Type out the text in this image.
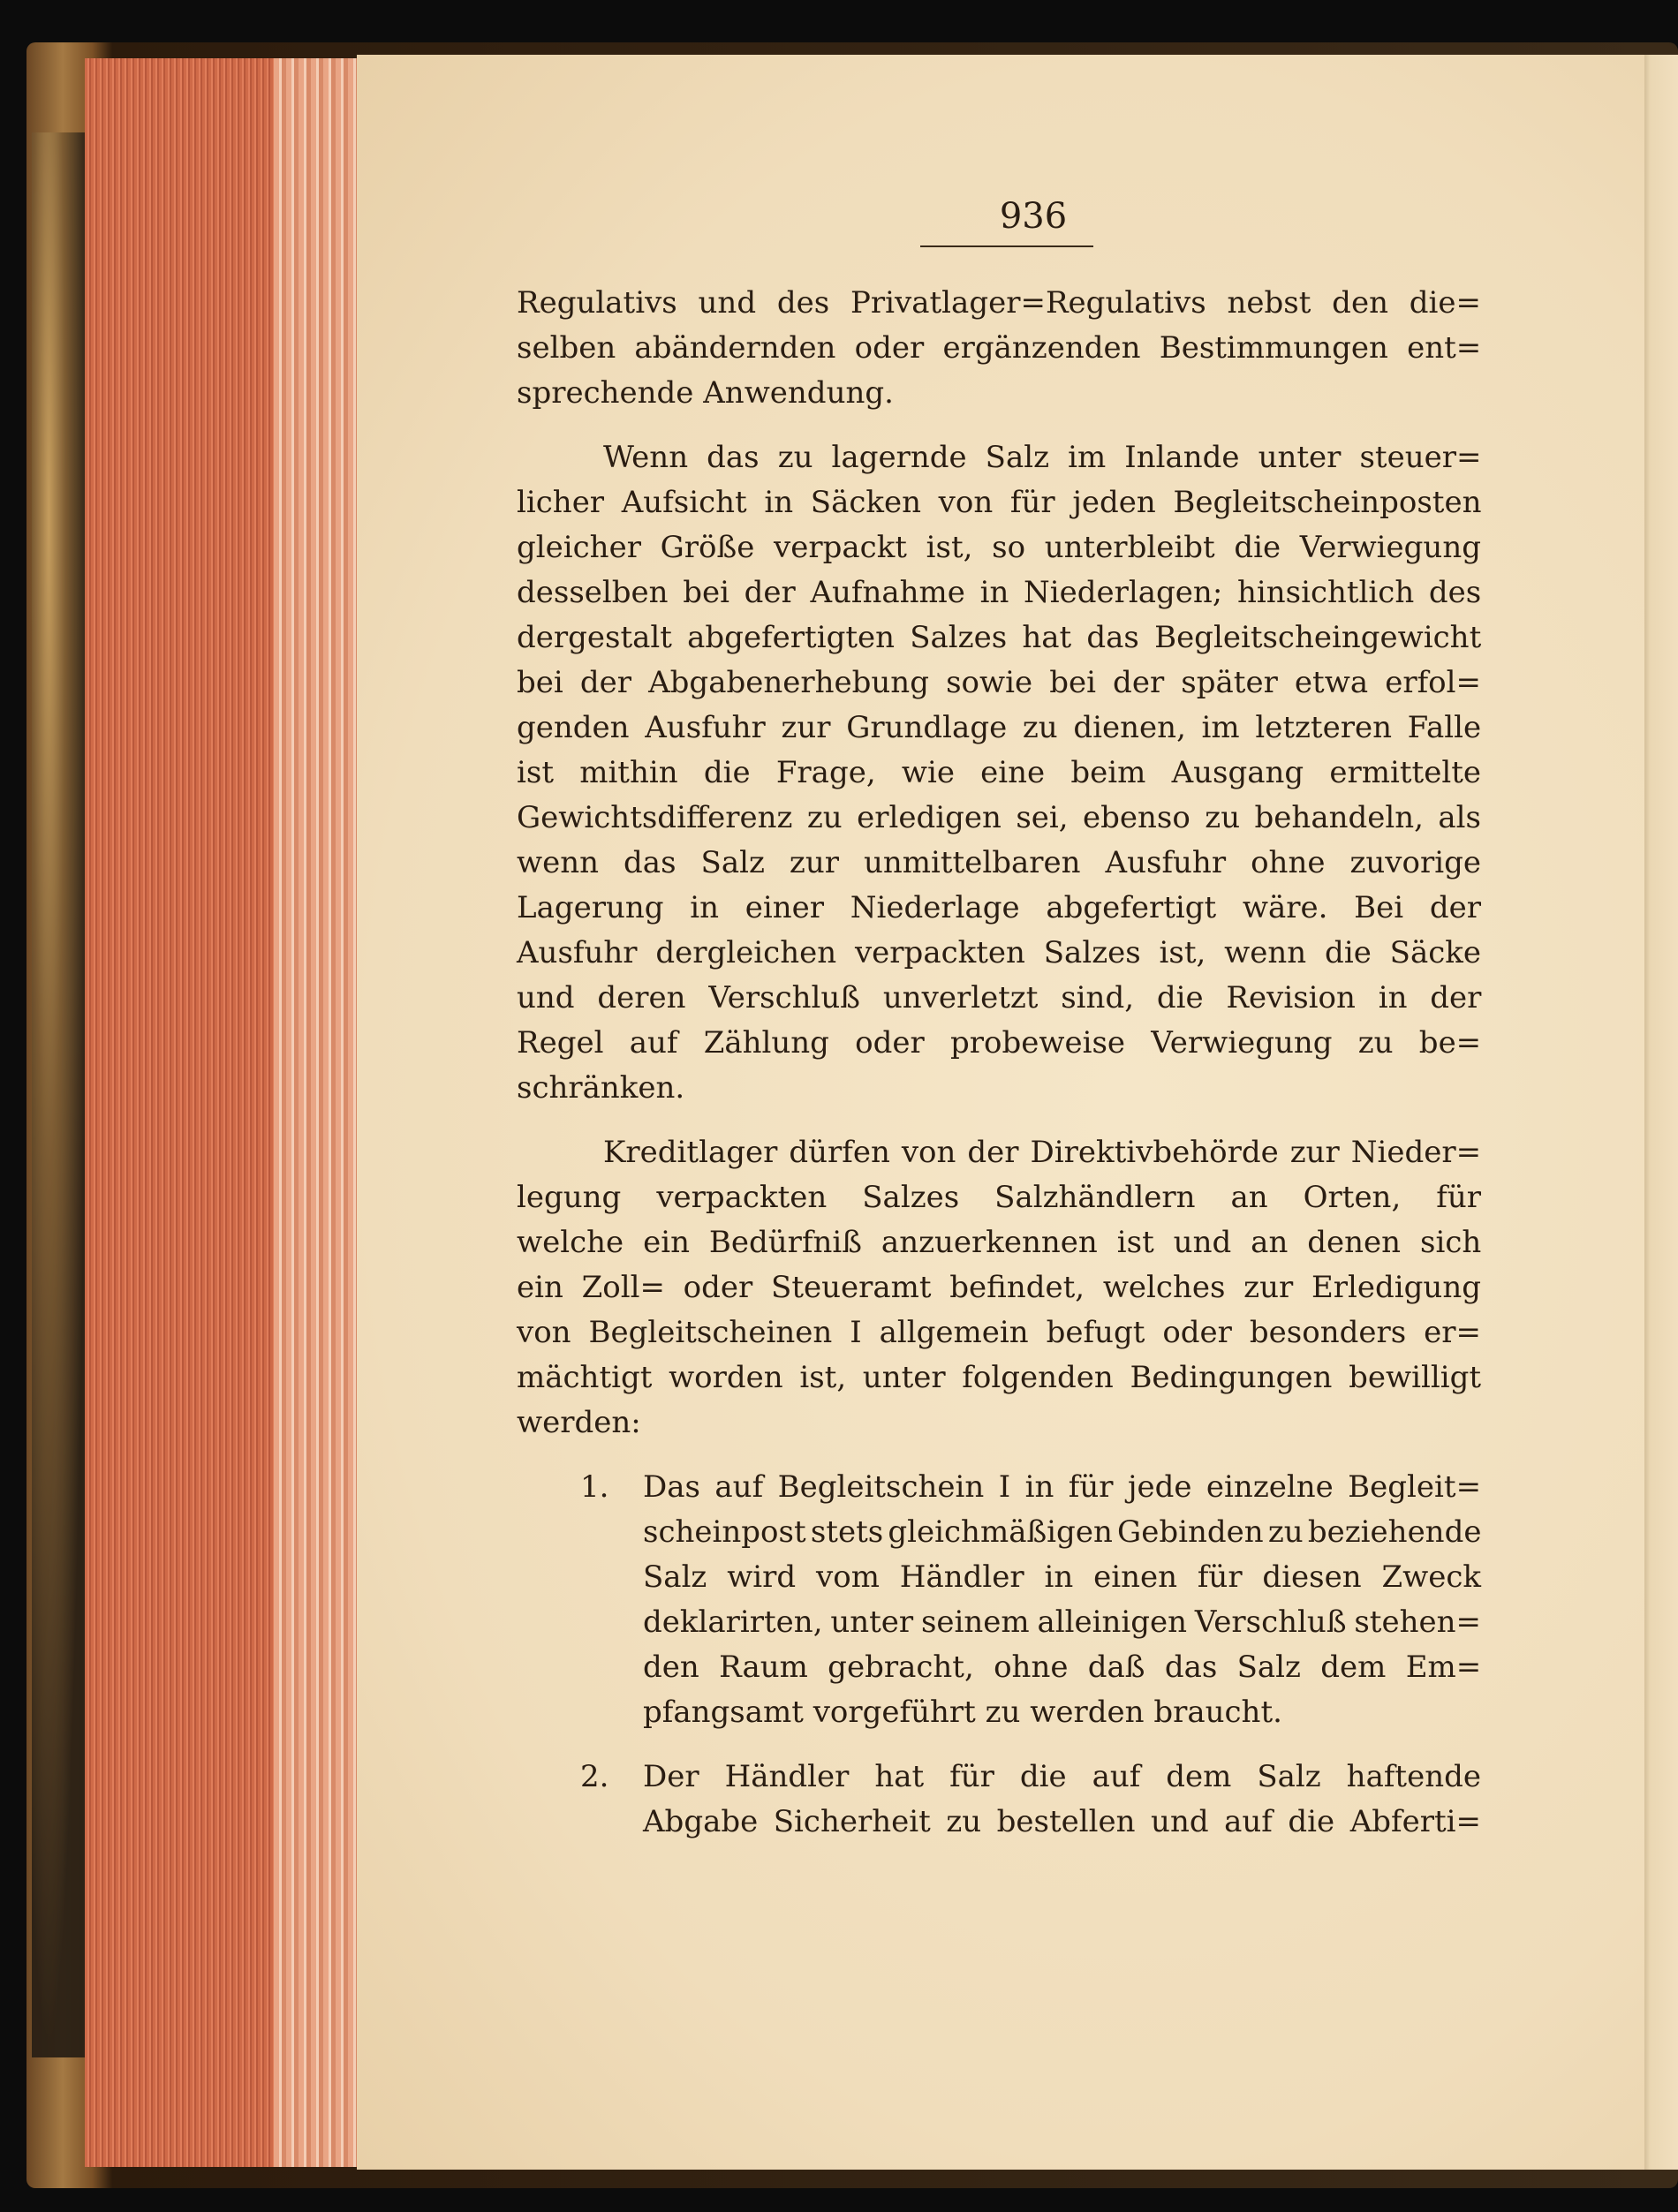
936

Regulativs und des Privatlager=Regulativs nebst den die=
selben abändernden oder ergänzenden Bestimmungen ent=
sprechende Anwendung.

Wenn das zu lagernde Salz im Inlande unter steuer=
licher Aufsicht in Säcken von für jeden Begleitscheinposten
gleicher Größe verpackt ist, so unterbleibt die Verwiegung
desselben bei der Aufnahme in Niederlagen; hinsichtlich des
dergestalt abgefertigten Salzes hat das Begleitscheingewicht
bei der Abgabenerhebung sowie bei der später etwa erfol=
genden Ausfuhr zur Grundlage zu dienen, im letzteren Falle
ist mithin die Frage, wie eine beim Ausgang ermittelte
Gewichtsdifferenz zu erledigen sei, ebenso zu behandeln, als
wenn das Salz zur unmittelbaren Ausfuhr ohne zuvorige
Lagerung in einer Niederlage abgefertigt wäre. Bei der
Ausfuhr dergleichen verpackten Salzes ist, wenn die Säcke
und deren Verschluß unverletzt sind, die Revision in der
Regel auf Zählung oder probeweise Verwiegung zu be=
schränken.

Kreditlager dürfen von der Direktivbehörde zur Nieder=
legung verpackten Salzes Salzhändlern an Orten, für
welche ein Bedürfniß anzuerkennen ist und an denen sich
ein Zoll= oder Steueramt befindet, welches zur Erledigung
von Begleitscheinen I allgemein befugt oder besonders er=
mächtigt worden ist, unter folgenden Bedingungen bewilligt
werden:

1. Das auf Begleitschein I in für jede einzelne Begleit=
scheinpost stets gleichmäßigen Gebinden zu beziehende
Salz wird vom Händler in einen für diesen Zweck
deklarirten, unter seinem alleinigen Verschluß stehen=
den Raum gebracht, ohne daß das Salz dem Em=
pfangsamt vorgeführt zu werden braucht.
2. Der Händler hat für die auf dem Salz haftende
Abgabe Sicherheit zu bestellen und auf die Abferti=
